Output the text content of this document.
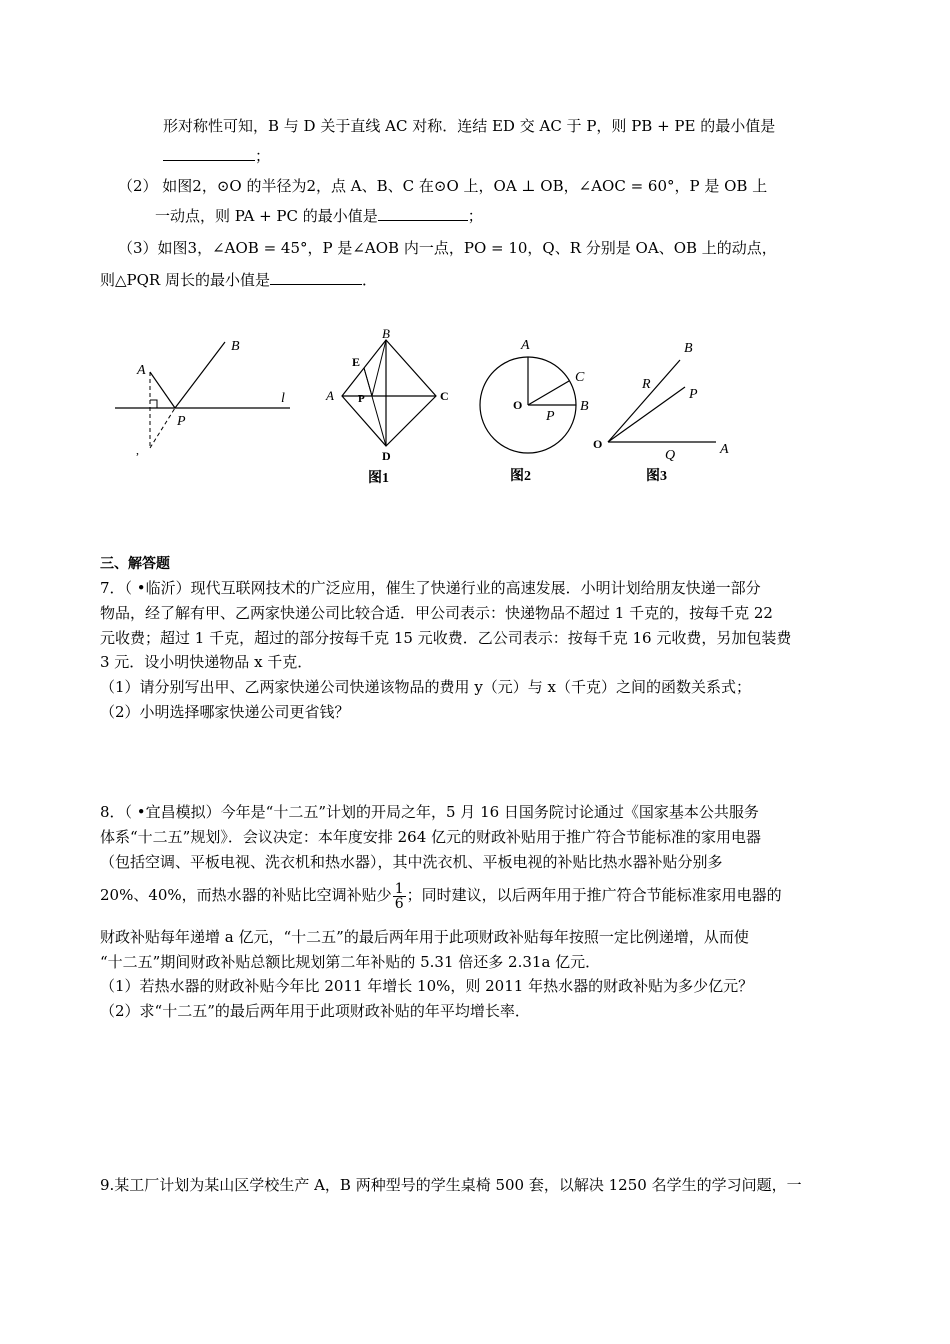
形对称性可知，B 与 D 关于直线 AC 对称．连结 ED 交 AC 于 P，则 PB + PE 的最小值是
；
（2） 如图2，⊙O 的半径为2，点 A、B、C 在⊙O 上，OA ⊥ OB，∠AOC = 60°，P 是 OB 上
一动点，则 PA + PC 的最小值是	；
（3）如图3，∠AOB = 45°，P 是∠AOB 内一点，PO = 10，Q、R 分别是 OA、OB 上的动点，
则△PQR 周长的最小值是	．
A
B
l
P
,
B
E
A P	C
D
A
C
O	B
P
图2
B
R
P
O
Q	A
图3
图1
三、解答题
7．（ •临沂）现代互联网技术的广泛应用，催生了快递行业的高速发展．小明计划给朋友快递一部分
物品，经了解有甲、乙两家快递公司比较合适．甲公司表示：快递物品不超过 1 千克的，按每千克 22
元收费；超过 1 千克，超过的部分按每千克 15 元收费．乙公司表示：按每千克 16 元收费，另加包装费
3 元．设小明快递物品 x 千克．
（1）请分别写出甲、乙两家快递公司快递该物品的费用 y（元）与 x（千克）之间的函数关系式；
（2）小明选择哪家快递公司更省钱？
8．（ •宜昌模拟）今年是“十二五”计划的开局之年，5 月 16 日国务院讨论通过《国家基本公共服务
体系“十二五”规划》．会议决定：本年度安排 264 亿元的财政补贴用于推广符合节能标准的家用电器
（包括空调、平板电视、洗衣机和热水器），其中洗衣机、平板电视的补贴比热水器补贴分别多
20%、40%，而热水器的补贴比空调补贴少 $\frac{1}{6}$ ；同时建议，以后两年用于推广符合节能标准家用电器的
财政补贴每年递增 a 亿元，“十二五”的最后两年用于此项财政补贴每年按照一定比例递增，从而使
“十二五”期间财政补贴总额比规划第二年补贴的 5.31 倍还多 2.31a 亿元．
（1）若热水器的财政补贴今年比 2011 年增长 10%，则 2011 年热水器的财政补贴为多少亿元？
（2）求“十二五”的最后两年用于此项财政补贴的年平均增长率．
9.某工厂计划为某山区学校生产 A，B 两种型号的学生桌椅 500 套，以解决 1250 名学生的学习问题，一
